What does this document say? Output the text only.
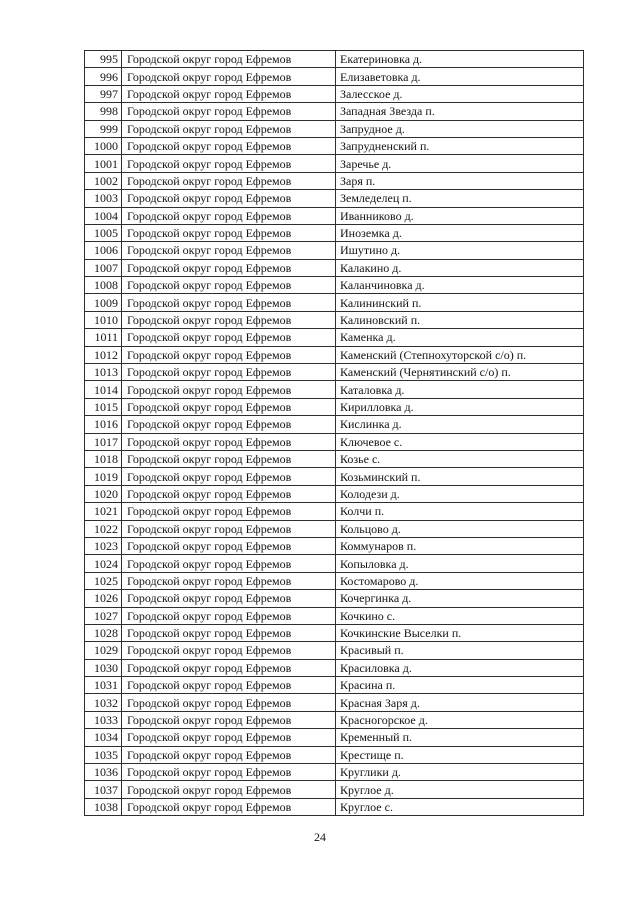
995	Городской округ город Ефремов	Екатериновка д.
996	Городской округ город Ефремов	Елизаветовка д.
997	Городской округ город Ефремов	Залесское д.
998	Городской округ город Ефремов	Западная Звезда п.
999	Городской округ город Ефремов	Запрудное д.
1000	Городской округ город Ефремов	Запрудненский п.
1001	Городской округ город Ефремов	Заречье д.
1002	Городской округ город Ефремов	Заря п.
1003	Городской округ город Ефремов	Земледелец п.
1004	Городской округ город Ефремов	Иванниково д.
1005	Городской округ город Ефремов	Иноземка д.
1006	Городской округ город Ефремов	Ишутино д.
1007	Городской округ город Ефремов	Калакино д.
1008	Городской округ город Ефремов	Каланчиновка д.
1009	Городской округ город Ефремов	Калининский п.
1010	Городской округ город Ефремов	Калиновский п.
1011	Городской округ город Ефремов	Каменка д.
1012	Городской округ город Ефремов	Каменский (Степнохуторской с/о) п.
1013	Городской округ город Ефремов	Каменский (Чернятинский с/о) п.
1014	Городской округ город Ефремов	Каталовка д.
1015	Городской округ город Ефремов	Кирилловка д.
1016	Городской округ город Ефремов	Кислинка д.
1017	Городской округ город Ефремов	Ключевое с.
1018	Городской округ город Ефремов	Козье с.
1019	Городской округ город Ефремов	Козьминский п.
1020	Городской округ город Ефремов	Колодези д.
1021	Городской округ город Ефремов	Колчи п.
1022	Городской округ город Ефремов	Кольцово д.
1023	Городской округ город Ефремов	Коммунаров п.
1024	Городской округ город Ефремов	Копыловка д.
1025	Городской округ город Ефремов	Костомарово д.
1026	Городской округ город Ефремов	Кочергинка д.
1027	Городской округ город Ефремов	Кочкино с.
1028	Городской округ город Ефремов	Кочкинские Выселки п.
1029	Городской округ город Ефремов	Красивый п.
1030	Городской округ город Ефремов	Красиловка д.
1031	Городской округ город Ефремов	Красина п.
1032	Городской округ город Ефремов	Красная Заря д.
1033	Городской округ город Ефремов	Красногорское д.
1034	Городской округ город Ефремов	Кременный п.
1035	Городской округ город Ефремов	Крестище п.
1036	Городской округ город Ефремов	Круглики д.
1037	Городской округ город Ефремов	Круглое д.
1038	Городской округ город Ефремов	Круглое с.
24
